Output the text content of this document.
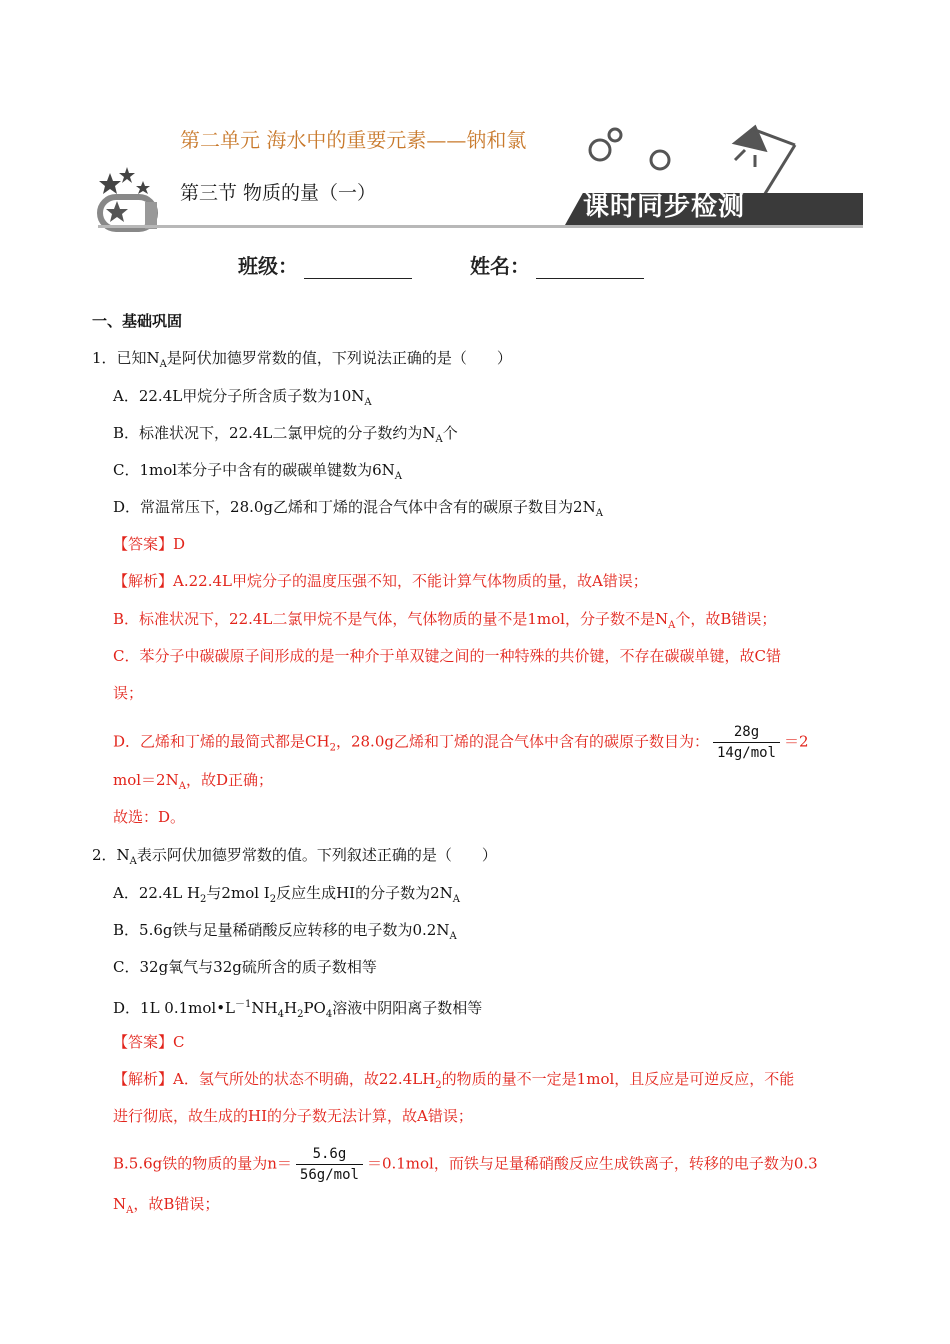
第二单元 海水中的重要元素——钠和氯
第三节 物质的量（一）	课时同步检测
班级：	姓名：
一、基础巩固
1．已知$N_A$是阿伏加德罗常数的值，下列说法正确的是（　　）
A．22.4L甲烷分子所含质子数为$10N_A$
B．标准状况下，22.4L二氯甲烷的分子数约为$N_A$个
C．1mol苯分子中含有的碳碳单键数为$6N_A$
D．常温常压下，28.0g乙烯和丁烯的混合气体中含有的碳原子数目为$2N_A$
【答案】D
【解析】A.22.4L甲烷分子的温度压强不知，不能计算气体物质的量，故A错误；
B．标准状况下，22.4L二氯甲烷不是气体，气体物质的量不是1mol，分子数不是$N_A$个，故B错误；
C．苯分子中碳碳原子间形成的是一种介于单双键之间的一种特殊的共价键，不存在碳碳单键，故C错
误；
D．乙烯和丁烯的最简式都是$CH_2$，28.0g乙烯和丁烯的混合气体中含有的碳原子数目为： $\frac{28g}{\text{14g/mol}} =2$
$mol=2N_A$，故D正确；
故选：D。
2．$N_A$表示阿伏加德罗常数的值。下列叙述正确的是（　　）
A．22.4L $H_2$与2mol $I_2$反应生成HI的分子数为$2N_A$
B．5.6g铁与足量稀硝酸反应转移的电子数为$0.2N_A$
C．32g氧气与32g硫所含的质子数相等
D．1L $0.1mol•L^{-1}NH_4H_2PO_4$溶液中阴阳离子数相等
【答案】C
【解析】A．氢气所处的状态不明确，故$22.4LH_2$的物质的量不一定是1mol，且反应是可逆反应，不能
进行彻底，故生成的HI的分子数无法计算，故A错误；
B.5.6g铁的物质的量为$n= \frac{5.6g}{\text{56g/mol}} =0.1mol$，而铁与足量稀硝酸反应生成铁离子，转移的电子数为0.3
$N_A$，故B错误；
